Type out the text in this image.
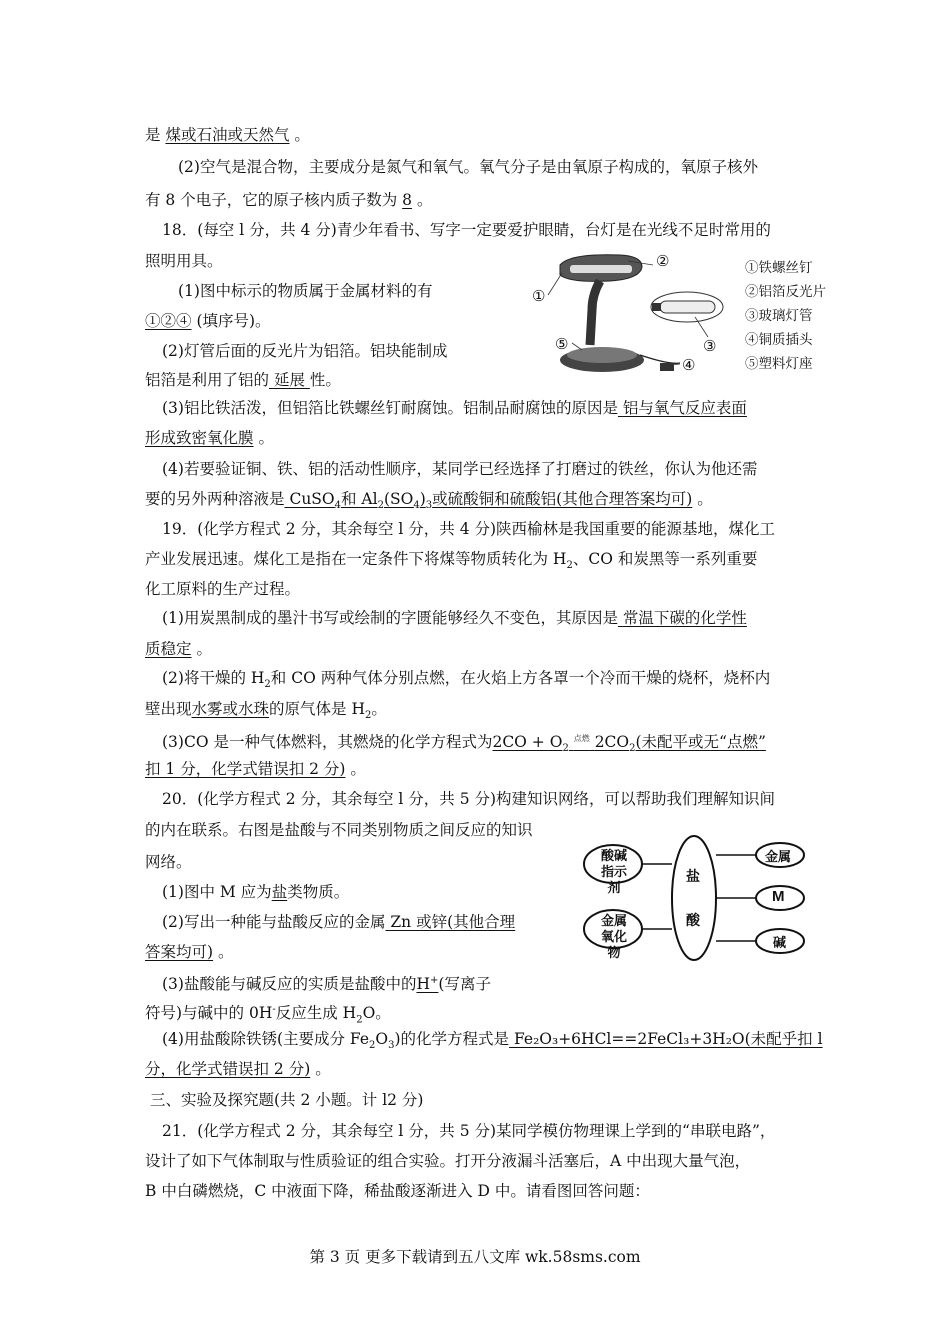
是 煤或石油或天然气 。
(2)空气是混合物，主要成分是氮气和氧气。氧气分子是由氧原子构成的，氧原子核外
有 8 个电子，它的原子核内质子数为 8 。
18．(每空 l 分，共 4 分)青少年看书、写字一定要爱护眼睛，台灯是在光线不足时常用的
照明用具。
(1)图中标示的物质属于金属材料的有
①②④ (填序号)。
(2)灯管后面的反光片为铝箔。铝块能制成
铝箔是利用了铝的 延展 性。
(3)铝比铁活泼，但铝箔比铁螺丝钉耐腐蚀。铝制品耐腐蚀的原因是 铝与氧气反应表面
形成致密氧化膜 。
(4)若要验证铜、铁、铝的活动性顺序，某同学已经选择了打磨过的铁丝，你认为他还需
要的另外两种溶液是 CuSO$_4$和 $Al_2(SO_4)_3$或硫酸铜和硫酸铝(其他合理答案均可) 。
19．(化学方程式 2 分，其余每空 l 分，共 4 分)陕西榆林是我国重要的能源基地，煤化工
产业发展迅速。煤化工是指在一定条件下将煤等物质转化为 $H_2$、CO 和炭黑等一系列重要
化工原料的生产过程。
(1)用炭黑制成的墨汁书写或绘制的字匮能够经久不变色，其原因是 常温下碳的化学性
质稳定 。
(2)将干燥的 $H_2$和 CO 两种气体分别点燃，在火焰上方各罩一个冷而干燥的烧杯，烧杯内
壁出现水雾或水珠的原气体是 $H_2$。
(3)CO 是一种气体燃料，其燃烧的化学方程式为$2CO + O_2$ $^{点燃}$ $2CO_2$(未配平或无“点燃”
扣 1 分，化学式错误扣 2 分) 。
20．(化学方程式 2 分，其余每空 l 分，共 5 分)构建知识网络，可以帮助我们理解知识间
的内在联系。右图是盐酸与不同类别物质之间反应的知识
网络。
(1)图中 M 应为盐类物质。
(2)写出一种能与盐酸反应的金属 Zn 或锌(其他合理
答案均可) 。
(3)盐酸能与碱反应的实质是盐酸中的H+(写离子
符号)与碱中的 0H-反应生成 $H_2O$。
(4)用盐酸除铁锈(主要成分 $Fe_2O_3$)的化学方程式是 Fe₂O₃+6HCl==2FeCl₃+3H₂O(未配乎扣 l
分，化学式错误扣 2 分) 。
三、实验及探究题(共 2 小题。计 l2 分)
21．(化学方程式 2 分，其余每空 l 分，共 5 分)某同学模仿物理课上学到的“串联电路”，
设计了如下气体制取与性质验证的组合实验。打开分液漏斗活塞后，A 中出现大量气泡，
B 中白磷燃烧，C 中液面下降，稀盐酸逐渐进入 D 中。请看图回答问题：
①
②
③
④
⑤
①铁螺丝钉
②铝箔反光片
③玻璃灯管
④铜质插头
⑤塑料灯座
酸碱
指示剂
金属
氧化物
盐
酸
金属
M
碱
第 3 页 更多下载请到五八文库 wk.58sms.com
